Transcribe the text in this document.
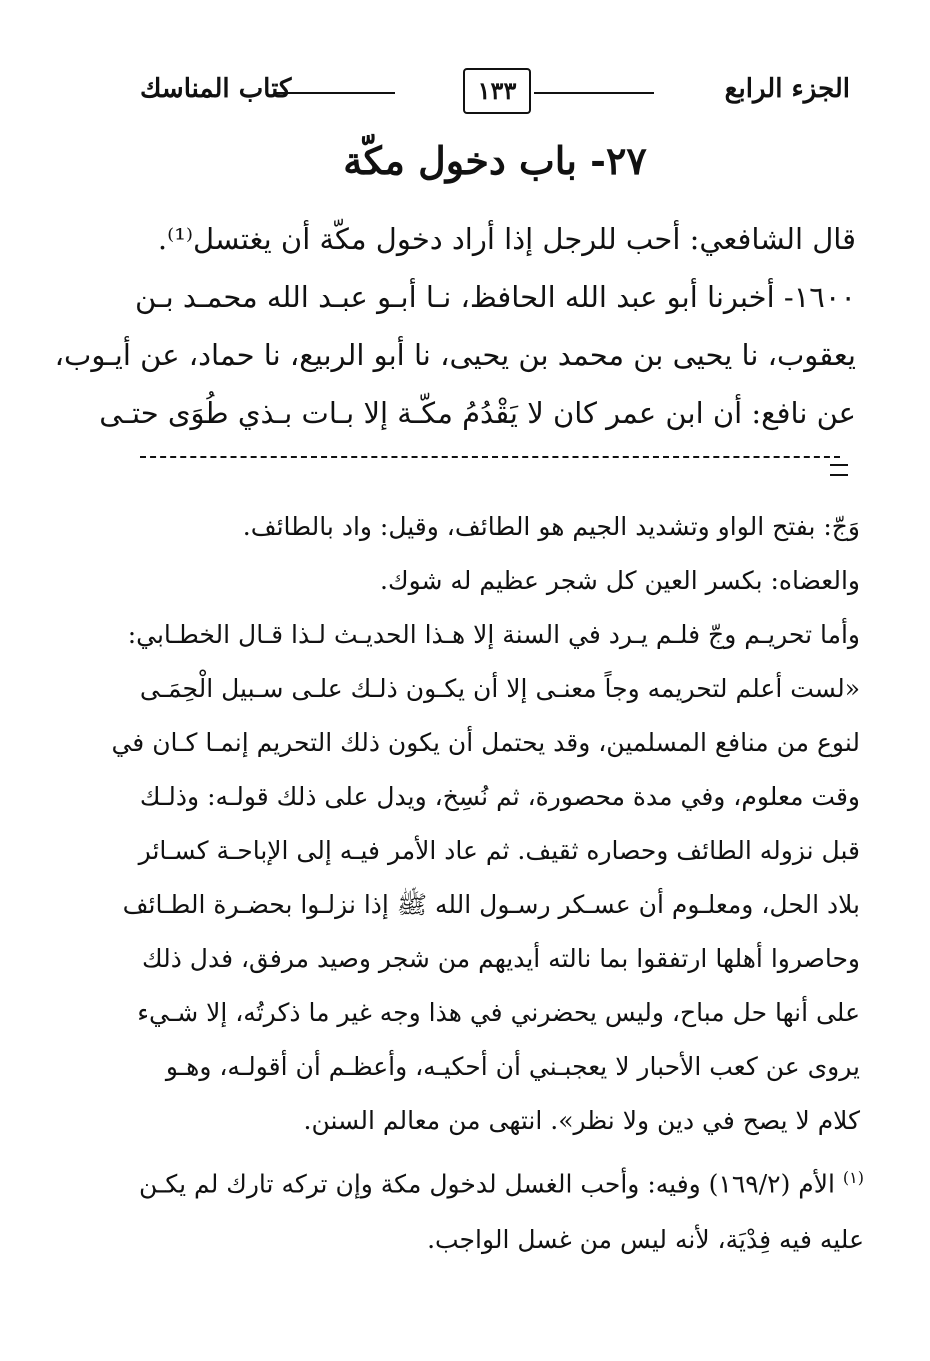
الجزء الرابع
١٣٣
كتاب المناسك
٢٧- باب دخول مكّة
قال الشافعي: أحب للرجل إذا أراد دخول مكّة أن يغتسل⁽¹⁾.
١٦٠٠- أخبرنا أبو عبد الله الحافظ، نـا أبـو عبـد الله محمـد بـن
يعقوب، نا يحيى بن محمد بن يحيى، نا أبو الربيع، نا حماد، عن أيـوب،
عن نافع: أن ابن عمر كان لا يَقْدُمُ مكّـة إلا بـات بـذي طُوَى حتـى
وَجّ: بفتح الواو وتشديد الجيم هو الطائف، وقيل: واد بالطائف.
والعضاه: بكسر العين كل شجر عظيم له شوك.
وأما تحريـم وجّ فلـم يـرد في السنة إلا هـذا الحديـث لـذا قـال الخطـابي:
«لست أعلم لتحريمه وجاً معنـى إلا أن يكـون ذلـك علـى سـبيل الْحِمَـى
لنوع من منافع المسلمين، وقد يحتمل أن يكون ذلك التحريم إنمـا كـان في
وقت معلوم، وفي مدة محصورة، ثم نُسِخ، ويدل على ذلك قولـه: وذلـك
قبل نزوله الطائف وحصاره ثقيف. ثم عاد الأمر فيـه إلى الإباحـة كسـائر
بلاد الحل، ومعلـوم أن عسـكر رسـول الله ﷺ إذا نزلـوا بحضـرة الطـائف
وحاصروا أهلها ارتفقوا بما نالته أيديهم من شجر وصيد مرفق، فدل ذلك
على أنها حل مباح، وليس يحضرني في هذا وجه غير ما ذكرتُه، إلا شـيء
يروى عن كعب الأحبار لا يعجبـني أن أحكيـه، وأعظـم أن أقولـه، وهـو
كلام لا يصح في دين ولا نظر». انتهى من معالم السنن.
$^{(١)}$ الأم (١٦٩/٢) وفيه: وأحب الغسل لدخول مكة وإن تركه تارك لم يكـن
عليه فيه فِدْيَة، لأنه ليس من غسل الواجب.
